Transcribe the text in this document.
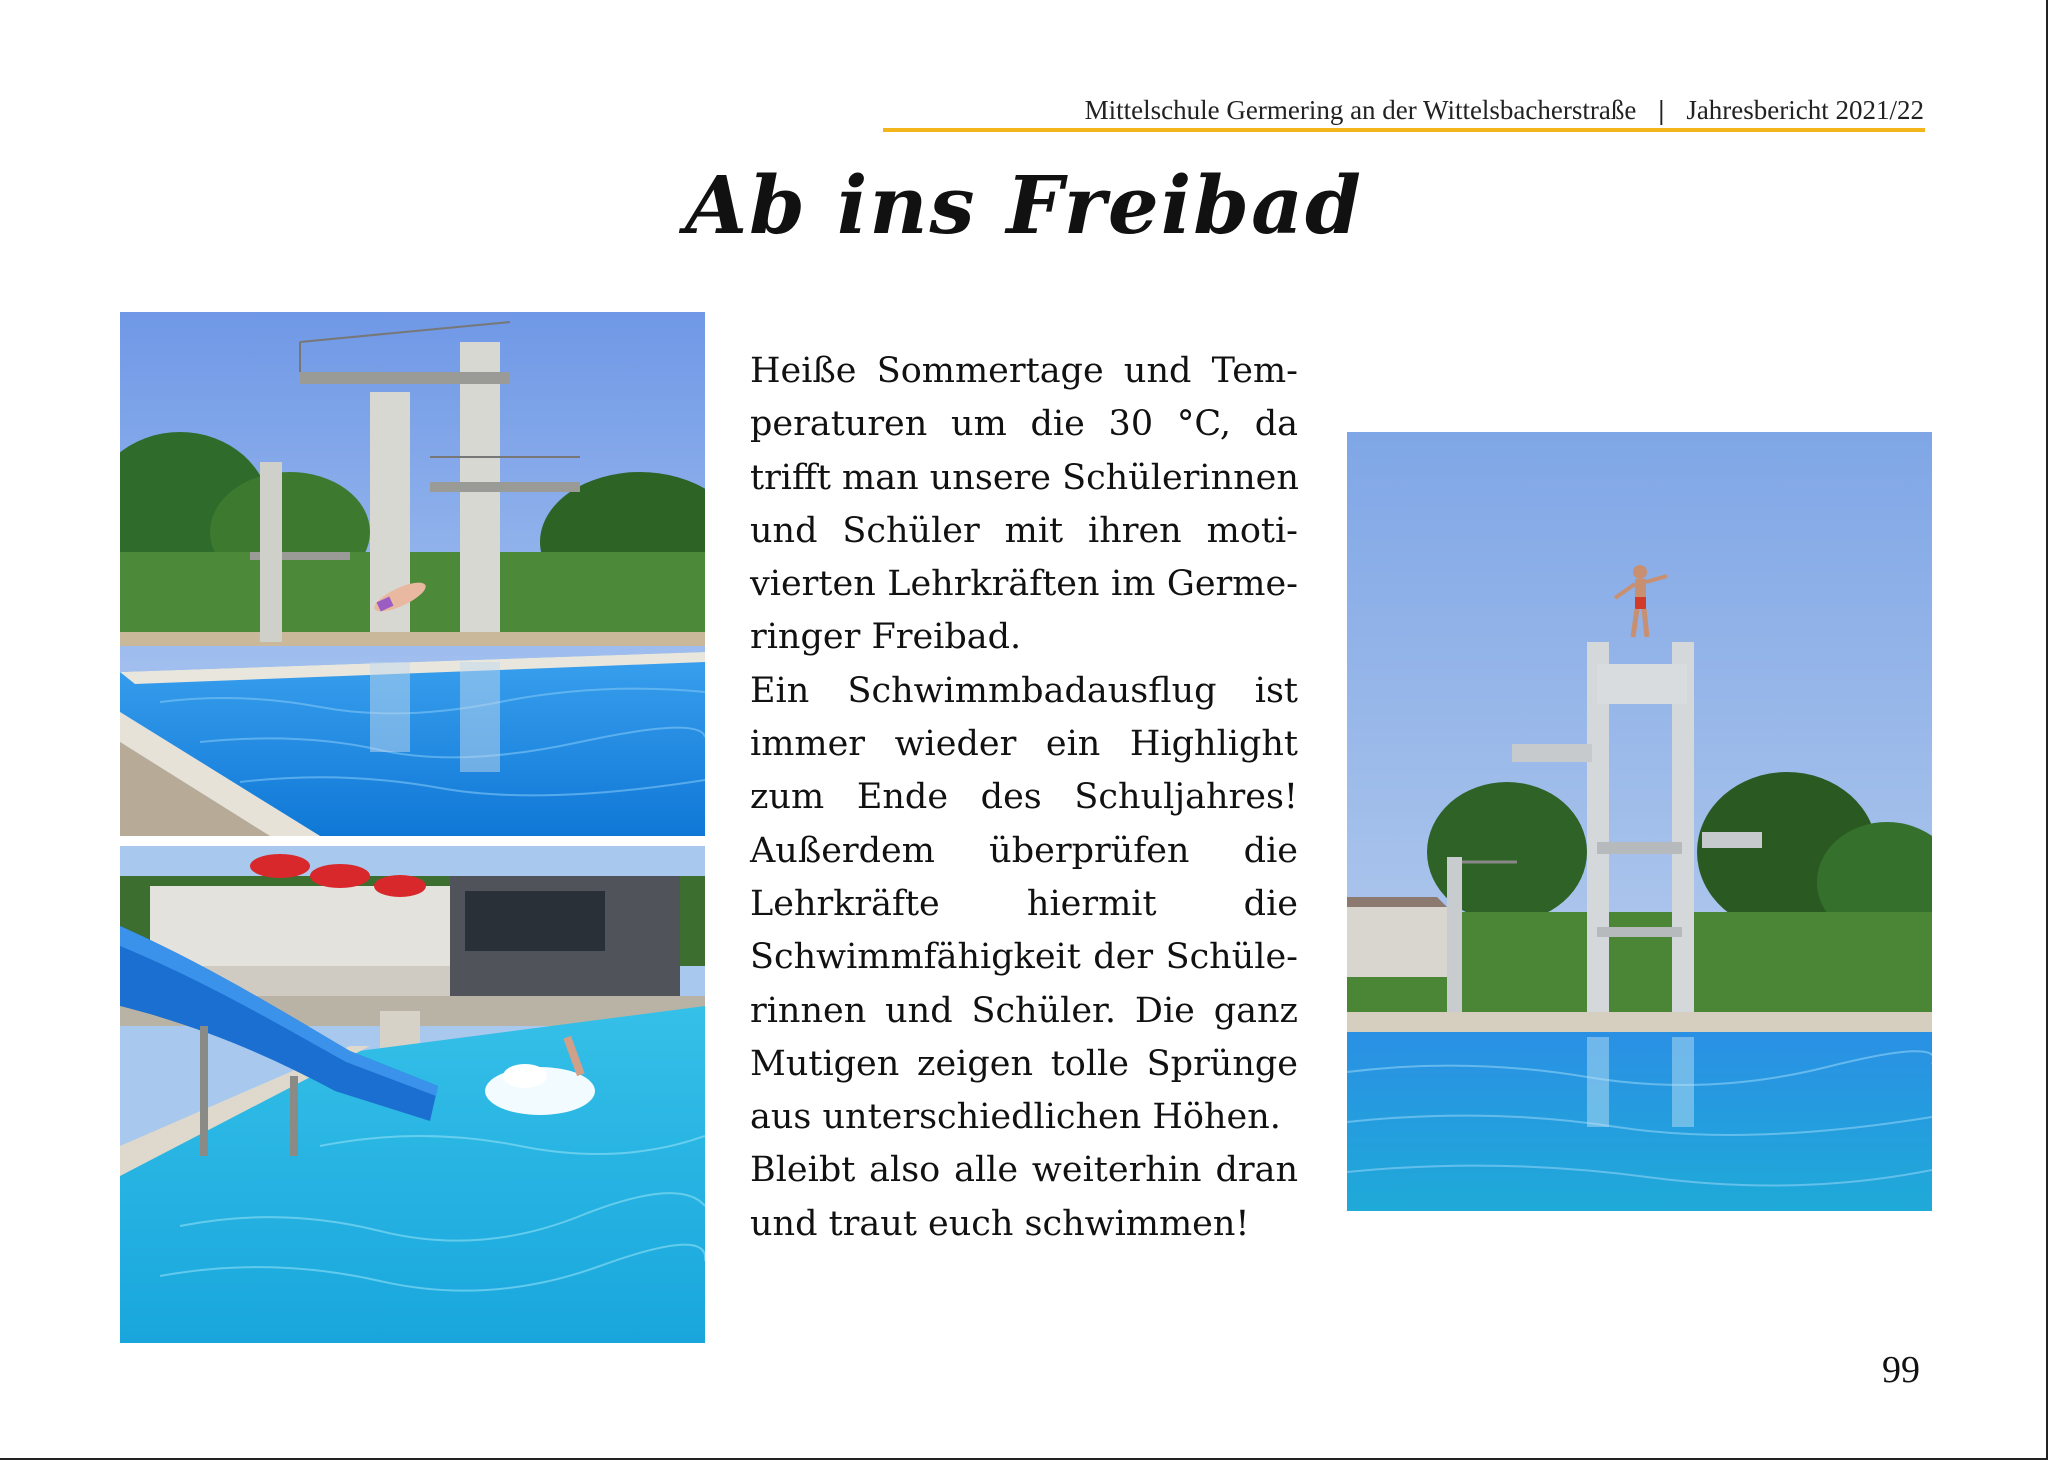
Mittelschule Germering an der Wittelsbacherstraße | Jahresbericht 2021/22
Ab ins Freibad
Heiße Sommertage und Tem-
peraturen um die 30 °C, da
trifft man unsere Schülerinnen
und Schüler mit ihren moti-
vierten Lehrkräften im Germe-
ringer Freibad.
Ein Schwimmbadausflug ist
immer wieder ein Highlight
zum Ende des Schuljahres!
Außerdem überprüfen die
Lehrkräfte hiermit die
Schwimmfähigkeit der Schüle-
rinnen und Schüler. Die ganz
Mutigen zeigen tolle Sprünge
aus unterschiedlichen Höhen.
Bleibt also alle weiterhin dran
und traut euch schwimmen!
99
